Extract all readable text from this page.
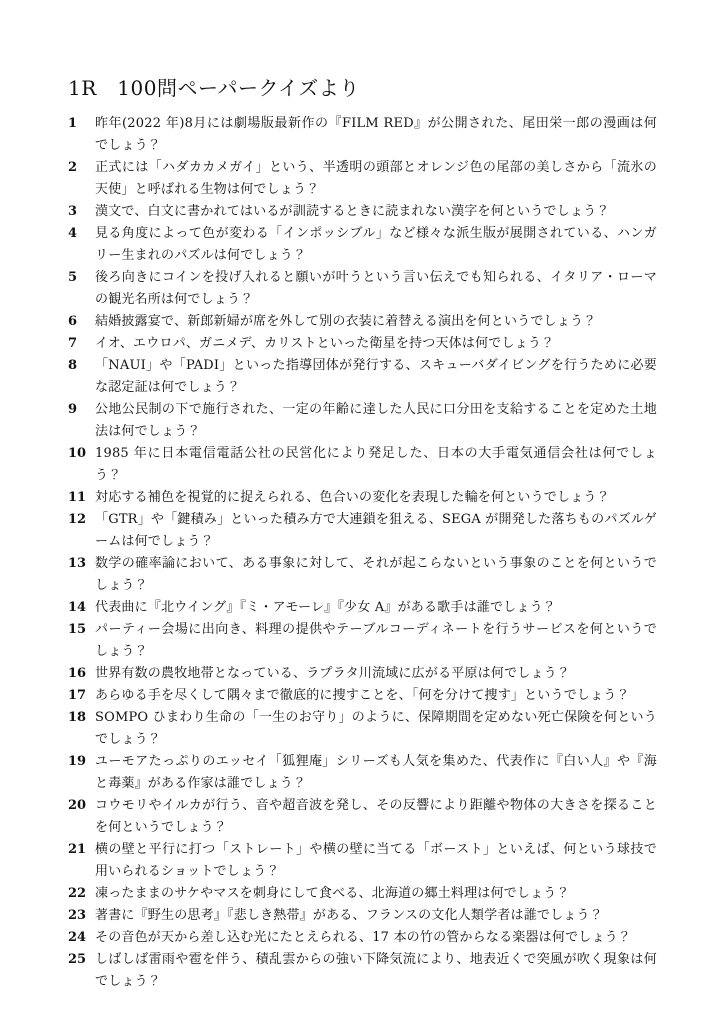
1R　100問ペーパークイズより
1	昨年(2022 年)8月には劇場版最新作の『FILM RED』が公開された、尾田栄一郎の漫画は何でしょう？
2	正式には「ハダカカメガイ」という、半透明の頭部とオレンジ色の尾部の美しさから「流氷の天使」と呼ばれる生物は何でしょう？
3	漢文で、白文に書かれてはいるが訓読するときに読まれない漢字を何というでしょう？
4	見る角度によって色が変わる「インポッシブル」など様々な派生版が展開されている、ハンガリー生まれのパズルは何でしょう？
5	後ろ向きにコインを投げ入れると願いが叶うという言い伝えでも知られる、イタリア・ローマの観光名所は何でしょう？
6	結婚披露宴で、新郎新婦が席を外して別の衣装に着替える演出を何というでしょう？
7	イオ、エウロパ、ガニメデ、カリストといった衛星を持つ天体は何でしょう？
8	「NAUI」や「PADI」といった指導団体が発行する、スキューバダイビングを行うために必要な認定証は何でしょう？
9	公地公民制の下で施行された、一定の年齢に達した人民に口分田を支給することを定めた土地法は何でしょう？
10 1985 年に日本電信電話公社の民営化により発足した、日本の大手電気通信会社は何でしょう？
11 対応する補色を視覚的に捉えられる、色合いの変化を表現した輪を何というでしょう？
12 「GTR」や「鍵積み」といった積み方で大連鎖を狙える、SEGA が開発した落ちものパズルゲームは何でしょう？
13 数学の確率論において、ある事象に対して、それが起こらないという事象のことを何というでしょう？
14 代表曲に『北ウイング』『ミ・アモーレ』『少女 A』がある歌手は誰でしょう？
15 パーティー会場に出向き、料理の提供やテーブルコーディネートを行うサービスを何というでしょう？
16 世界有数の農牧地帯となっている、ラプラタ川流域に広がる平原は何でしょう？
17 あらゆる手を尽くして隅々まで徹底的に捜すことを、「何を分けて捜す」というでしょう？
18 SOMPO ひまわり生命の「一生のお守り」のように、保障期間を定めない死亡保険を何というでしょう？
19 ユーモアたっぷりのエッセイ「狐狸庵」シリーズも人気を集めた、代表作に『白い人』や『海と毒薬』がある作家は誰でしょう？
20 コウモリやイルカが行う、音や超音波を発し、その反響により距離や物体の大きさを探ることを何というでしょう？
21 横の壁と平行に打つ「ストレート」や横の壁に当てる「ボースト」といえば、何という球技で用いられるショットでしょう？
22 凍ったままのサケやマスを刺身にして食べる、北海道の郷土料理は何でしょう？
23 著書に『野生の思考』『悲しき熱帯』がある、フランスの文化人類学者は誰でしょう？
24 その音色が天から差し込む光にたとえられる、17 本の竹の管からなる楽器は何でしょう？
25 しばしば雷雨や雹を伴う、積乱雲からの強い下降気流により、地表近くで突風が吹く現象は何でしょう？
